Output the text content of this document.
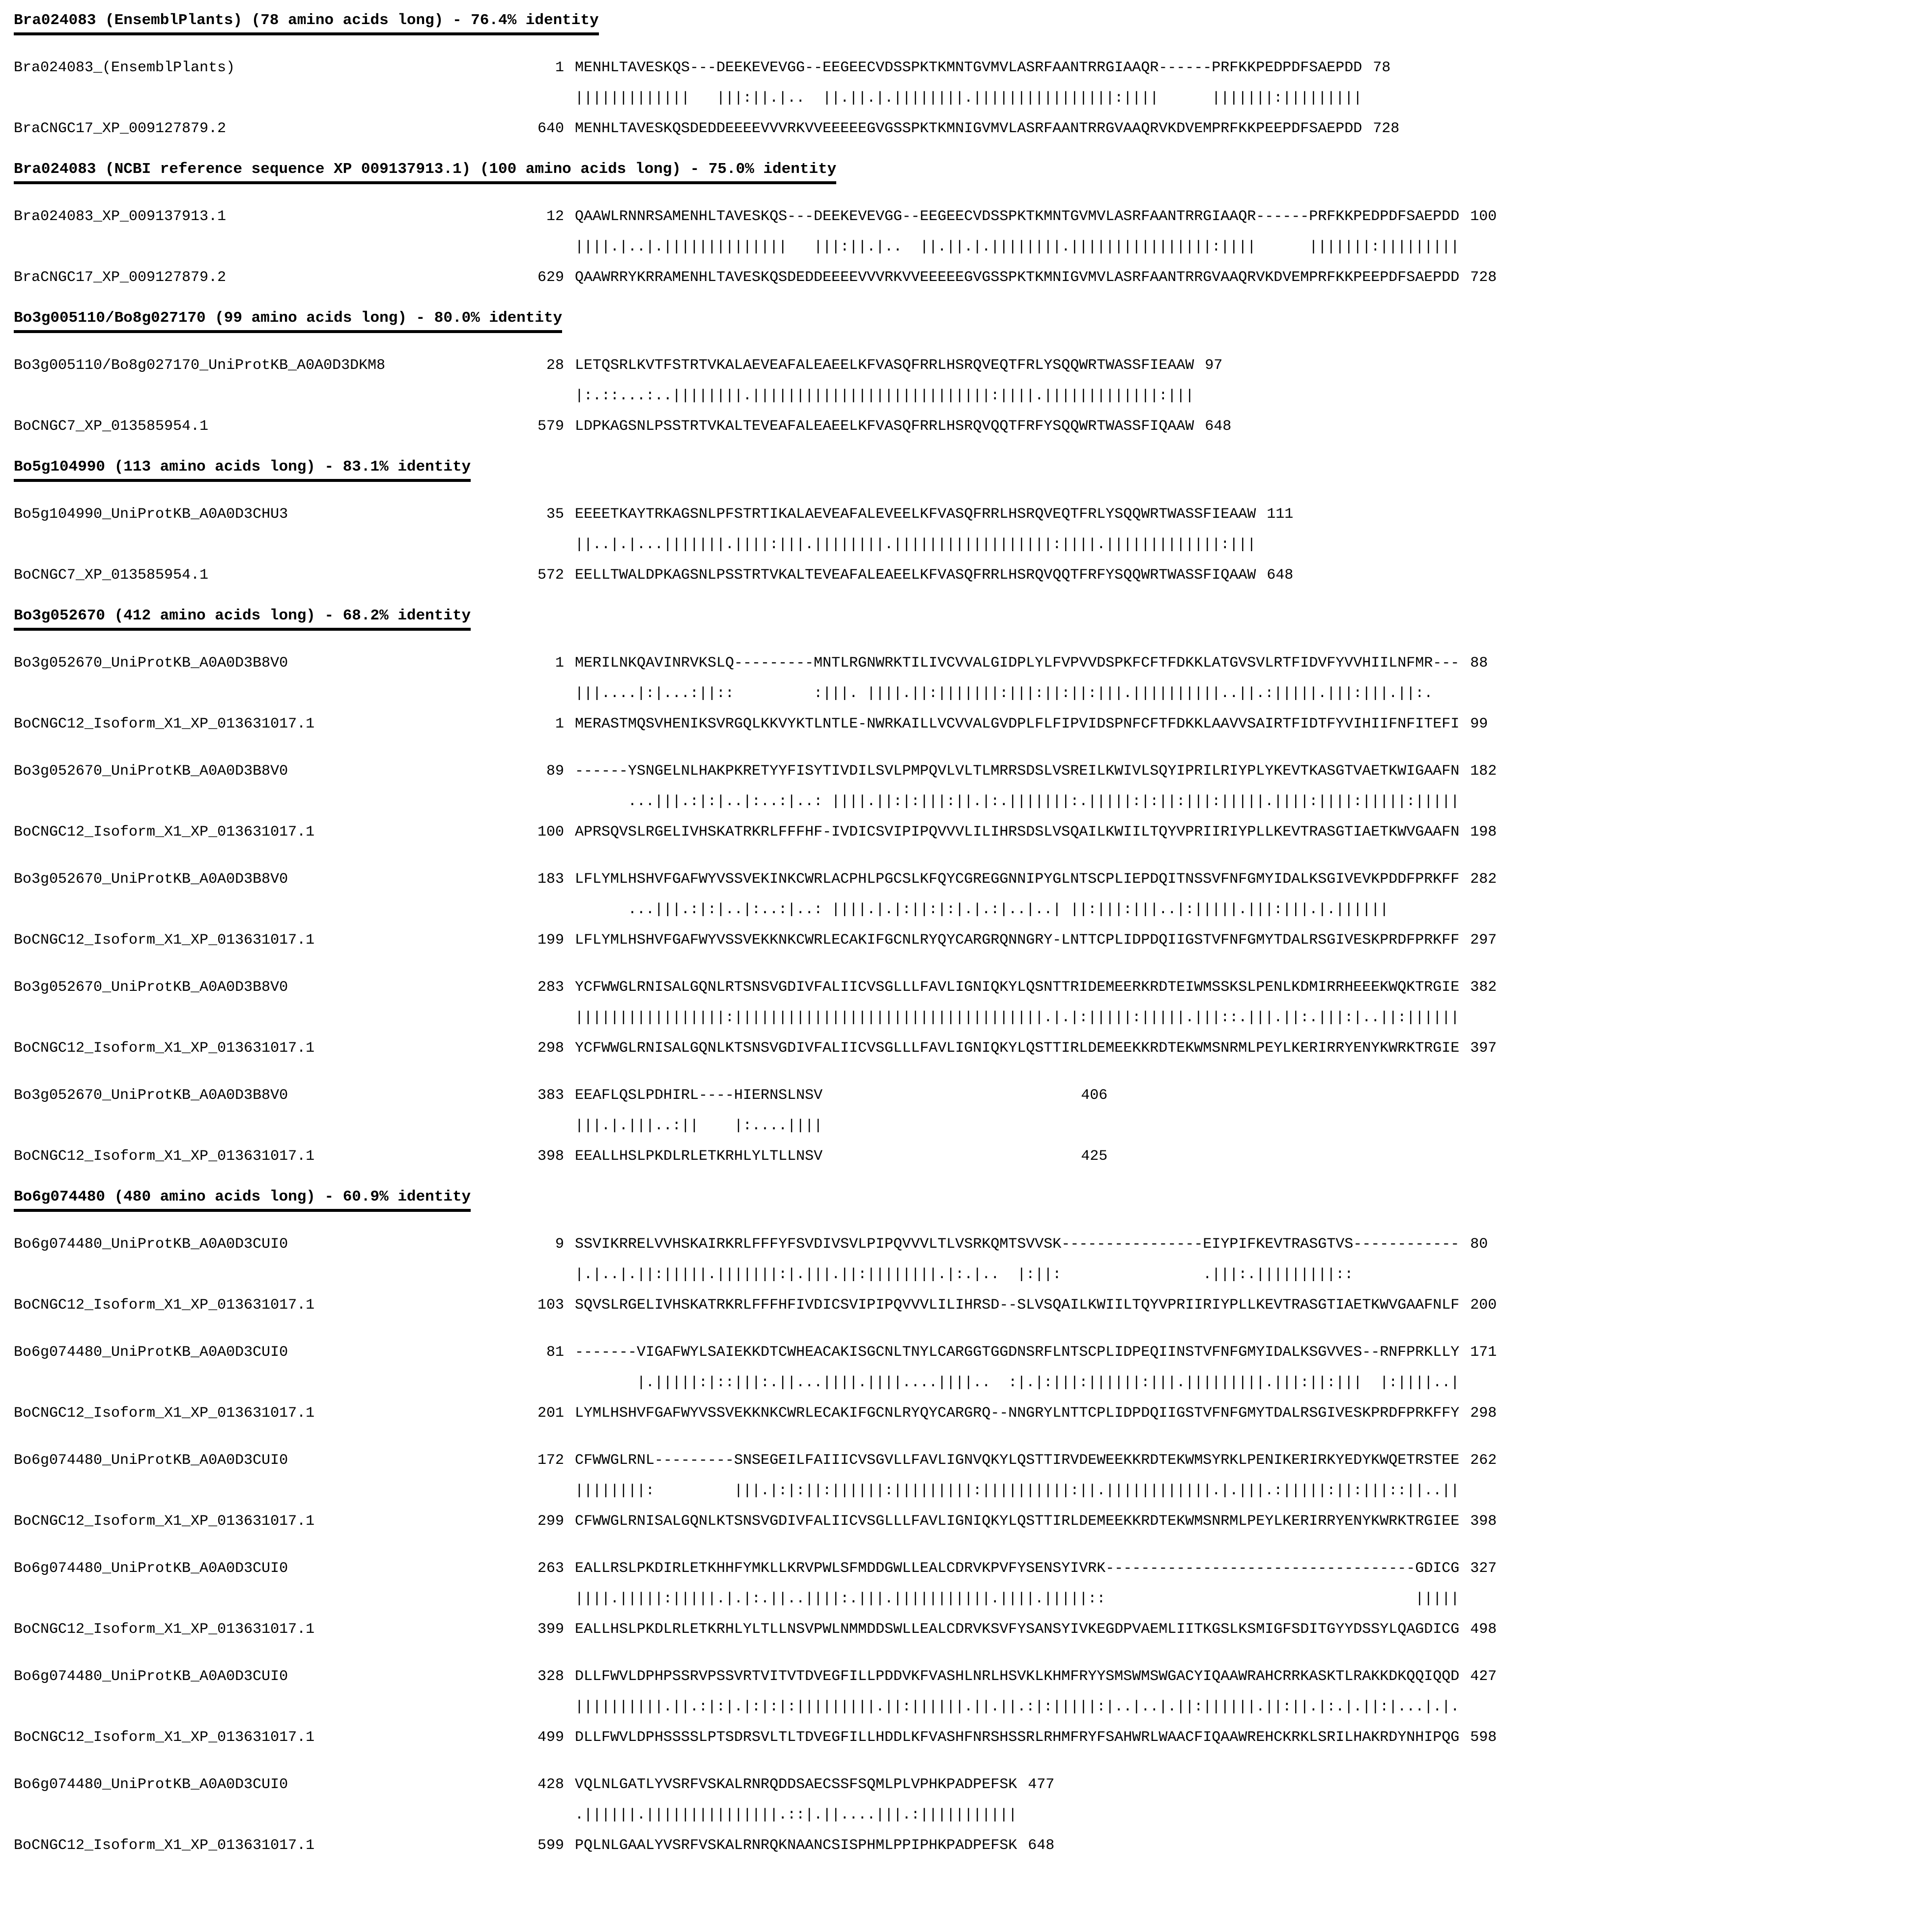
Bra024083 (EnsemblPlants) (78 amino acids long) - 76.4% identity
Bra024083_(EnsemblPlants)	1 MENHLTAVESKQS---DEEKEVEVGG--EEGEECVDSSPKTKMNTGVMVLASRFAANTRRGIAAQR------PRFKKPEDPDFSAEPDD 78
|||||||||||||   |||:||.|..  ||.||.|.||||||||.||||||||||||||||:||||      |||||||:|||||||||
BraCNGC17_XP_009127879.2	640 MENHLTAVESKQSDEDDEEEEVVVRKVVEEEEEGVGSSPKTKMNIGVMVLASRFAANTRRGVAAQRVKDVEMPRFKKPEEPDFSAEPDD 728
Bra024083 (NCBI reference sequence XP 009137913.1) (100 amino acids long) - 75.0% identity
Bra024083_XP_009137913.1	12 QAAWLRNNRSAMENHLTAVESKQS---DEEKEVEVGG--EEGEECVDSSPKTKMNTGVMVLASRFAANTRRGIAAQR------PRFKKPEDPDFSAEPDD 100
||||.|..|.||||||||||||||   |||:||.|..  ||.||.|.||||||||.||||||||||||||||:||||      |||||||:|||||||||
BraCNGC17_XP_009127879.2	629 QAAWRRYKRRAMENHLTAVESKQSDEDDEEEEVVVRKVVEEEEEGVGSSPKTKMNIGVMVLASRFAANTRRGVAAQRVKDVEMPRFKKPEEPDFSAEPDD 728
Bo3g005110/Bo8g027170 (99 amino acids long) - 80.0% identity
Bo3g005110/Bo8g027170_UniProtKB_A0A0D3DKM8	28 LETQSRLKVTFSTRTVKALAEVEAFALEAEELKFVASQFRRLHSRQVEQTFRLYSQQWRTWASSFIEAAW 97
|:.::...:..||||||||.|||||||||||||||||||||||||||:||||.|||||||||||||:|||
BoCNGC7_XP_013585954.1	579 LDPKAGSNLPSSTRTVKALTEVEAFALEAEELKFVASQFRRLHSRQVQQTFRFYSQQWRTWASSFIQAAW 648
Bo5g104990 (113 amino acids long) - 83.1% identity
Bo5g104990_UniProtKB_A0A0D3CHU3	35 EEEETKAYTRKAGSNLPFSTRTIKALAEVEAFALEVEELKFVASQFRRLHSRQVEQTFRLYSQQWRTWASSFIEAAW 111
||..|.|...|||||||.||||:|||.||||||||.||||||||||||||||||:||||.|||||||||||||:|||
BoCNGC7_XP_013585954.1	572 EELLTWALDPKAGSNLPSSTRTVKALTEVEAFALEAEELKFVASQFRRLHSRQVQQTFRFYSQQWRTWASSFIQAAW 648
Bo3g052670 (412 amino acids long) - 68.2% identity
Bo3g052670_UniProtKB_A0A0D3B8V0	1 MERILNKQAVINRVKSLQ---------MNTLRGNWRKTILIVCVVALGIDPLYLFVPVVDSPKFCFTFDKKLATGVSVLRTFIDVFYVVHIILNFMR--- 88
|||....|:|...:||::         :|||. ||||.||:|||||||:|||:||:||:|||.||||||||||..||.:|||||.|||:|||.||:.
BoCNGC12_Isoform_X1_XP_013631017.1	1 MERASTMQSVHENIKSVRGQLKKVYKTLNTLE-NWRKAILLVCVVALGVDPLFLFIPVIDSPNFCFTFDKKLAAVVSAIRTFIDTFYVIHIIFNFITEFI 99
Bo3g052670_UniProtKB_A0A0D3B8V0	89 ------YSNGELNLHAKPKRETYYFISYTIVDILSVLPMPQVLVLTLMRRSDSLVSREILKWIVLSQYIPRILRIYPLYKEVTKASGTVAETKWIGAAFN 182
...|||.:|:|..|:..:|..: ||||.||:|:|||:||.|:.|||||||:.|||||:|:||:|||:|||||.||||:||||:|||||:|||||
BoCNGC12_Isoform_X1_XP_013631017.1	100 APRSQVSLRGELIVHSKATRKRLFFFHF-IVDICSVIPIPQVVVLILIHRSDSLVSQAILKWIILTQYVPRIIRIYPLLKEVTRASGTIAETKWVGAAFN 198
Bo3g052670_UniProtKB_A0A0D3B8V0	183 LFLYMLHSHVFGAFWYVSSVEKINKCWRLACPHLPGCSLKFQYCGREGGNNIPYGLNTSCPLIEPDQITNSSVFNFGMYIDALKSGIVEVKPDDFPRKFF 282
...|||.:|:|..|:..:|..: ||||.|.|:||:|:|.|.:|..|..| ||:|||:|||..|:|||||.|||:|||.|.||||||
BoCNGC12_Isoform_X1_XP_013631017.1	199 LFLYMLHSHVFGAFWYVSSVEKKNKCWRLECAKIFGCNLRYQYCARGRQNNGRY-LNTTCPLIDPDQIIGSTVFNFGMYTDALRSGIVESKPRDFPRKFF 297
Bo3g052670_UniProtKB_A0A0D3B8V0	283 YCFWWGLRNISALGQNLRTSNSVGDIVFALIICVSGLLLFAVLIGNIQKYLQSNTTRIDEMEERKRDTEIWMSSKSLPENLKDMIRRHEEEKWQKTRGIE 382
|||||||||||||||||:|||||||||||||||||||||||||||||||||||.|.|:|||||:|||||.|||::.|||.||:.|||:|..||:||||||
BoCNGC12_Isoform_X1_XP_013631017.1	298 YCFWWGLRNISALGQNLKTSNSVGDIVFALIICVSGLLLFAVLIGNIQKYLQSTTIRLDEMEEKKRDTEKWMSNRMLPEYLKERIRRYENYKWRKTRGIE 397
Bo3g052670_UniProtKB_A0A0D3B8V0	383 EEAFLQSLPDHIRL----HIERNSLNSV 406
|||.|.|||..:||    |:....||||
BoCNGC12_Isoform_X1_XP_013631017.1	398 EEALLHSLPKDLRLETKRHLYLTLLNSV 425
Bo6g074480 (480 amino acids long) - 60.9% identity
Bo6g074480_UniProtKB_A0A0D3CUI0	9 SSVIKRRELVVHSKAIRKRLFFFYFSVDIVSVLPIPQVVVLTLVSRKQMTSVVSK----------------EIYPIFKEVTRASGTVS------------ 80
|.|..|.||:|||||.|||||||:|.|||.||:||||||||.|:.|..  |:||:                .|||:.|||||||||::
BoCNGC12_Isoform_X1_XP_013631017.1	103 SQVSLRGELIVHSKATRKRLFFFHFIVDICSVIPIPQVVVLILIHRSD--SLVSQAILKWIILTQYVPRIIRIYPLLKEVTRASGTIAETKWVGAAFNLF 200
Bo6g074480_UniProtKB_A0A0D3CUI0	81 -------VIGAFWYLSAIEKKDTCWHEACAKISGCNLTNYLCARGGTGGDNSRFLNTSCPLIDPEQIINSTVFNFGMYIDALKSGVVES--RNFPRKLLY 171
|.|||||:|::|||:.||...||||.||||....||||..  :|.|:|||:||||||:|||.|||||||||.|||:||:|||  |:||||..|
BoCNGC12_Isoform_X1_XP_013631017.1	201 LYMLHSHVFGAFWYVSSVEKKNKCWRLECAKIFGCNLRYQYCARGRQ--NNGRYLNTTCPLIDPDQIIGSTVFNFGMYTDALRSGIVESKPRDFPRKFFY 298
Bo6g074480_UniProtKB_A0A0D3CUI0	172 CFWWGLRNL---------SNSEGEILFAIIICVSGVLLFAVLIGNVQKYLQSTTIRVDEWEEKKRDTEKWMSYRKLPENIKERIRKYEDYKWQETRSTEE 262
||||||||:         |||.|:|:||:||||||:|||||||||:||||||||||:||.||||||||||||.|.|||.:|||||:||:|||::||..||
BoCNGC12_Isoform_X1_XP_013631017.1	299 CFWWGLRNISALGQNLKTSNSVGDIVFALIICVSGLLLFAVLIGNIQKYLQSTTIRLDEMEEKKRDTEKWMSNRMLPEYLKERIRRYENYKWRKTRGIEE 398
Bo6g074480_UniProtKB_A0A0D3CUI0	263 EALLRSLPKDIRLETKHHFYMKLLKRVPWLSFMDDGWLLEALCDRVKPVFYSENSYIVRK-----------------------------------GDICG 327
||||.|||||:|||||.|.|:.||..||||:.|||.|||||||||||.||||.|||||::                                   |||||
BoCNGC12_Isoform_X1_XP_013631017.1	399 EALLHSLPKDLRLETKRHLYLTLLNSVPWLNMMDDSWLLEALCDRVKSVFYSANSYIVKEGDPVAEMLIITKGSLKSMIGFSDITGYYDSSYLQAGDICG 498
Bo6g074480_UniProtKB_A0A0D3CUI0	328 DLLFWVLDPHPSSRVPSSVRTVITVTDVEGFILLPDDVKFVASHLNRLHSVKLKHMFRYYSMSWMSWGACYIQAAWRAHCRRKASKTLRAKKDKQQIQQD 427
||||||||||.||.:|:|.|:|:|:|||||||||.||:||||||.||.||.:|:|||||:|..|..|.||:||||||.||:||.|:.|.||:|...|.|.
BoCNGC12_Isoform_X1_XP_013631017.1	499 DLLFWVLDPHSSSSLPTSDRSVLTLTDVEGFILLHDDLKFVASHFNRSHSSRLRHMFRYFSAHWRLWAACFIQAAWREHCKRKLSRILHAKRDYNHIPQG 598
Bo6g074480_UniProtKB_A0A0D3CUI0	428 VQLNLGATLYVSRFVSKALRNRQDDSAECSSFSQMLPLVPHKPADPEFSK 477
.||||||.|||||||||||||||.::|.||....|||.:|||||||||||
BoCNGC12_Isoform_X1_XP_013631017.1	599 PQLNLGAALYVSRFVSKALRNRQKNAANCSISPHMLPPIPHKPADPEFSK 648
